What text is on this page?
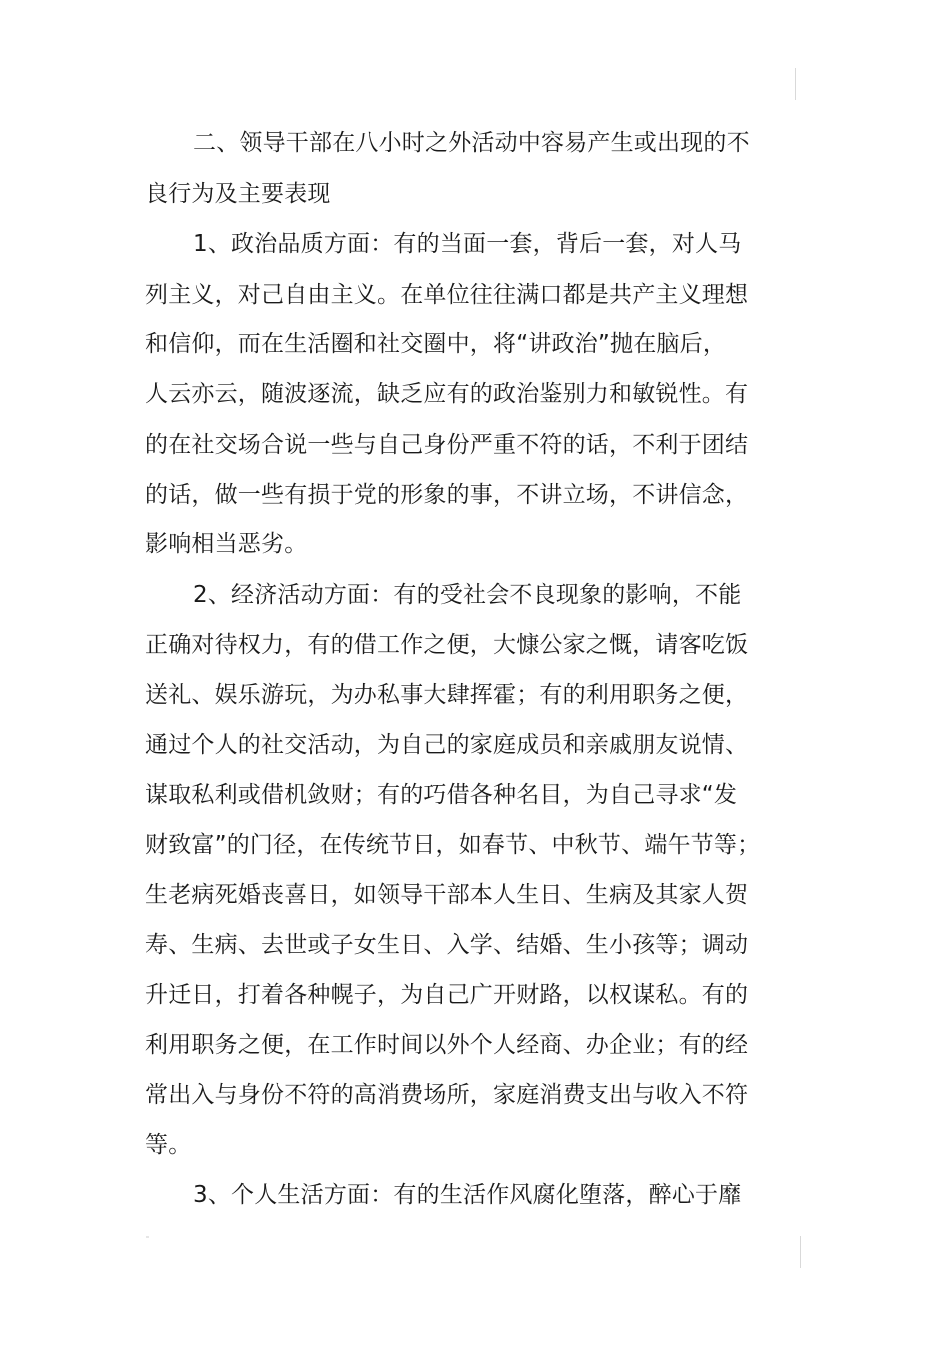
二、领导干部在八小时之外活动中容易产生或出现的不
良行为及主要表现
1、政治品质方面：有的当面一套，背后一套，对人马
列主义，对己自由主义。在单位往往满口都是共产主义理想
和信仰，而在生活圈和社交圈中，将“讲政治”抛在脑后，
人云亦云，随波逐流，缺乏应有的政治鉴别力和敏锐性。有
的在社交场合说一些与自己身份严重不符的话，不利于团结
的话，做一些有损于党的形象的事，不讲立场，不讲信念，
影响相当恶劣。
2、经济活动方面：有的受社会不良现象的影响，不能
正确对待权力，有的借工作之便，大慷公家之慨，请客吃饭
送礼、娱乐游玩，为办私事大肆挥霍；有的利用职务之便，
通过个人的社交活动，为自己的家庭成员和亲戚朋友说情、
谋取私利或借机敛财；有的巧借各种名目，为自己寻求“发
财致富”的门径，在传统节日，如春节、中秋节、端午节等；
生老病死婚丧喜日，如领导干部本人生日、生病及其家人贺
寿、生病、去世或子女生日、入学、结婚、生小孩等；调动
升迁日，打着各种幌子，为自己广开财路，以权谋私。有的
利用职务之便，在工作时间以外个人经商、办企业；有的经
常出入与身份不符的高消费场所，家庭消费支出与收入不符
等。
3、个人生活方面：有的生活作风腐化堕落，醉心于靡
